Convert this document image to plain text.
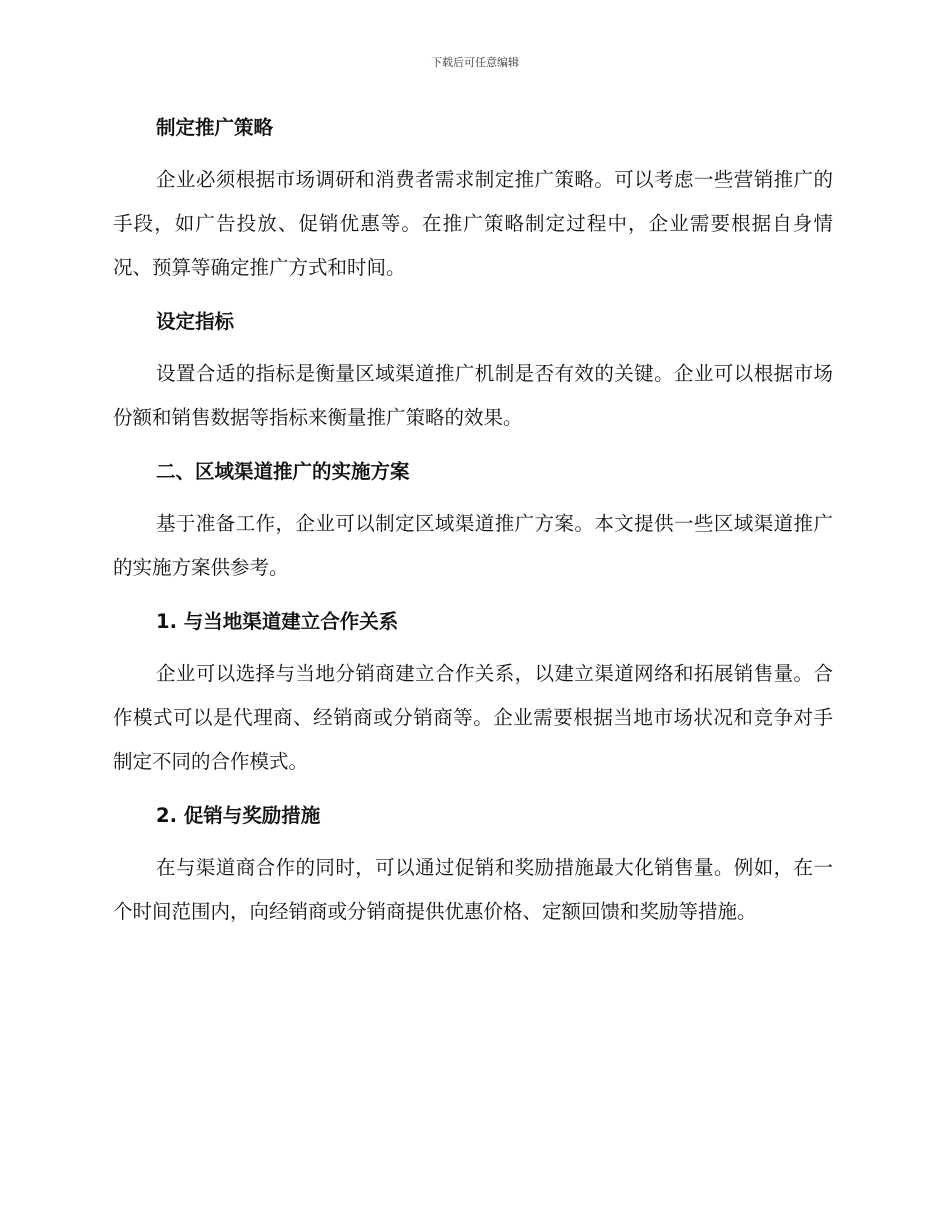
下载后可任意编辑
制定推广策略

企业必须根据市场调研和消费者需求制定推广策略。可以考虑一些营销推广的手段，如广告投放、促销优惠等。在推广策略制定过程中，企业需要根据自身情况、预算等确定推广方式和时间。

设定指标

设置合适的指标是衡量区域渠道推广机制是否有效的关键。企业可以根据市场份额和销售数据等指标来衡量推广策略的效果。

二、区域渠道推广的实施方案

基于准备工作，企业可以制定区域渠道推广方案。本文提供一些区域渠道推广的实施方案供参考。

1. 与当地渠道建立合作关系

企业可以选择与当地分销商建立合作关系，以建立渠道网络和拓展销售量。合作模式可以是代理商、经销商或分销商等。企业需要根据当地市场状况和竞争对手制定不同的合作模式。

2. 促销与奖励措施

在与渠道商合作的同时，可以通过促销和奖励措施最大化销售量。例如，在一个时间范围内，向经销商或分销商提供优惠价格、定额回馈和奖励等措施。
